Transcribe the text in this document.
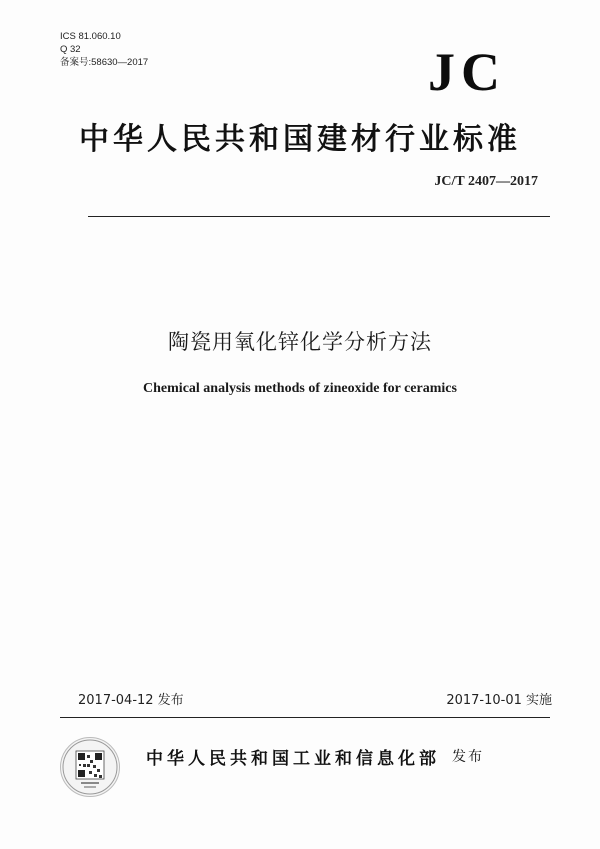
ICS 81.060.10
Q 32
备案号:58630—2017	JC
中华人民共和国建材行业标准
JC/T 2407—2017
陶瓷用氧化锌化学分析方法
Chemical analysis methods of zineoxide for ceramics
2017-04-12 发布	2017-10-01 实施
中华人民共和国工业和信息化部 发布
